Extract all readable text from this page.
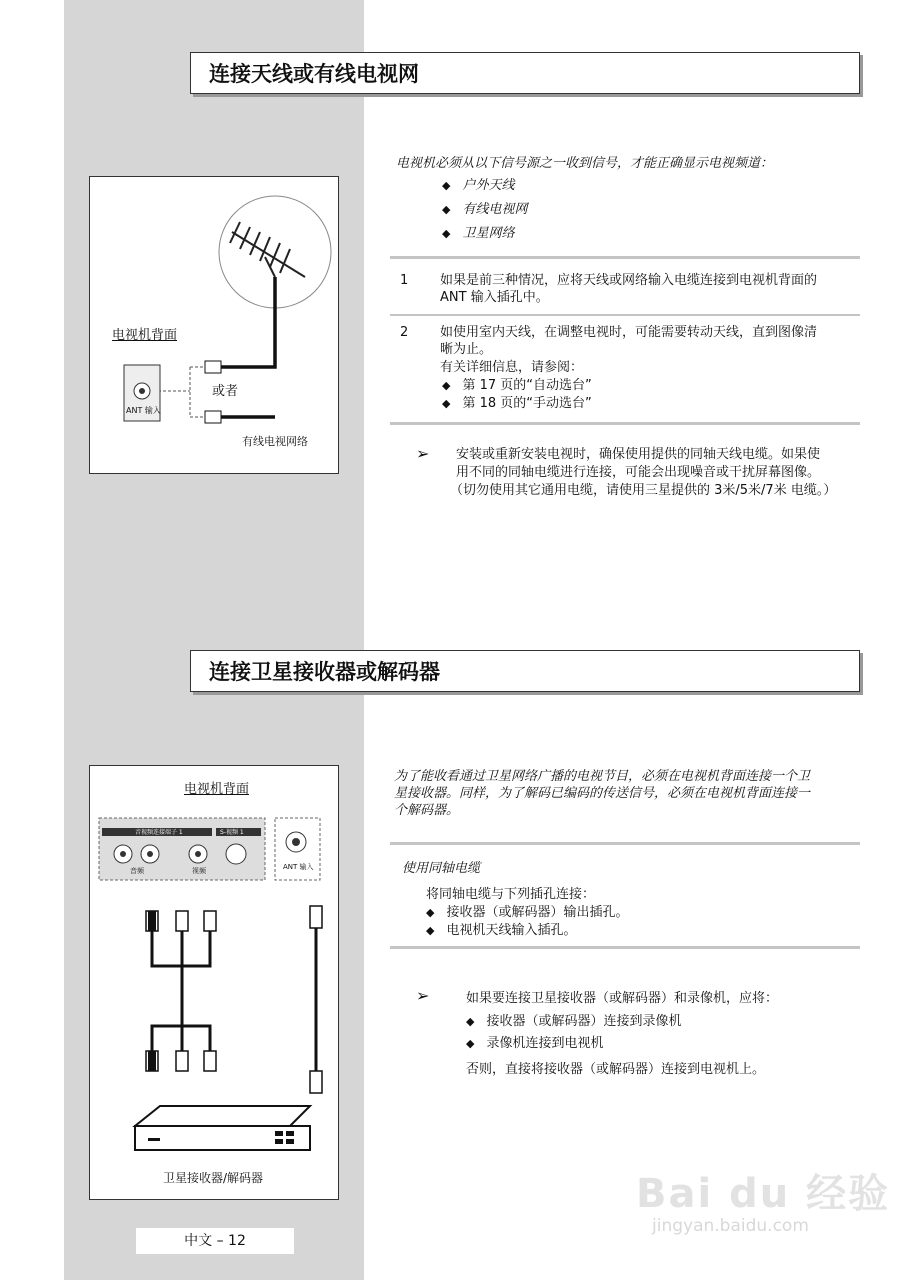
连接天线或有线电视网
电视机背面
ANT 输入
或者
有线电视网络
电视机必须从以下信号源之一收到信号，才能正确显示电视频道：
◆ 户外天线
◆ 有线电视网
◆ 卫星网络
1 如果是前三种情况，应将天线或网络输入电缆连接到电视机背面的
ANT 输入插孔中。
2 如使用室内天线，在调整电视时，可能需要转动天线，直到图像清
晰为止。
有关详细信息，请参阅：
◆ 第 17 页的“自动选台”
◆ 第 18 页的“手动选台”
➢ 安装或重新安装电视时，确保使用提供的同轴天线电缆。如果使
用不同的同轴电缆进行连接，可能会出现噪音或干扰屏幕图像。
（切勿使用其它通用电缆，请使用三星提供的 3米/5米/7米 电缆。）
连接卫星接收器或解码器
电视机背面
音视频连接端子 1	S-视频 1
音频	视频	ANT 输入
卫星接收器/解码器
为了能收看通过卫星网络广播的电视节目，必须在电视机背面连接一个卫
星接收器。同样，为了解码已编码的传送信号，必须在电视机背面连接一
个解码器。
使用同轴电缆
将同轴电缆与下列插孔连接：
◆ 接收器（或解码器）输出插孔。
◆ 电视机天线输入插孔。
➢	如果要连接卫星接收器（或解码器）和录像机，应将：
◆ 接收器（或解码器）连接到录像机
◆ 录像机连接到电视机
否则，直接将接收器（或解码器）连接到电视机上。
中文 – 12
Bai du 经验
jingyan.baidu.com
